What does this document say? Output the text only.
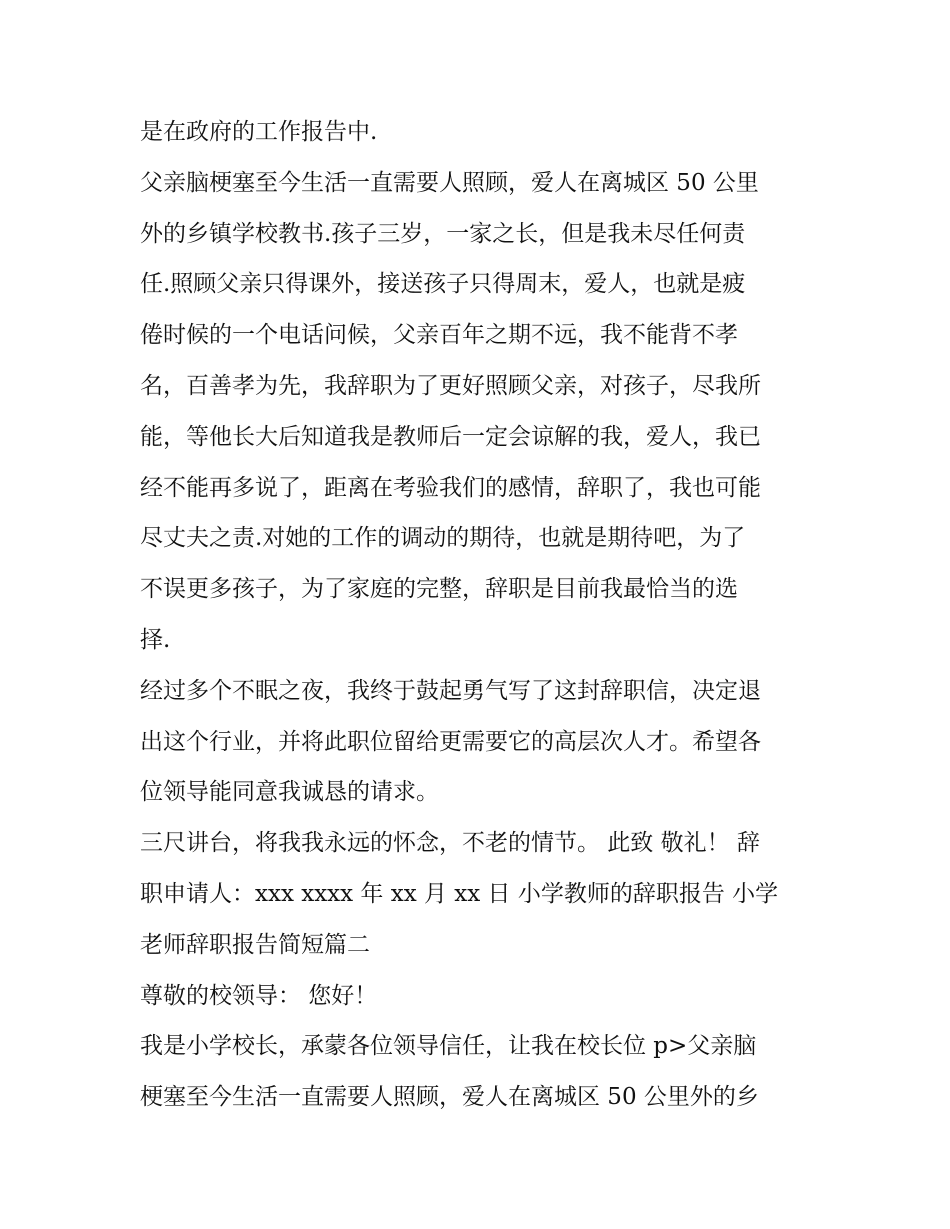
是在政府的工作报告中.
父亲脑梗塞至今生活一直需要人照顾，爱人在离城区 50 公里
外的乡镇学校教书.孩子三岁，一家之长，但是我未尽任何责
任.照顾父亲只得课外，接送孩子只得周末，爱人，也就是疲
倦时候的一个电话问候，父亲百年之期不远，我不能背不孝
名，百善孝为先，我辞职为了更好照顾父亲，对孩子，尽我所
能，等他长大后知道我是教师后一定会谅解的我，爱人，我已
经不能再多说了，距离在考验我们的感情，辞职了，我也可能
尽丈夫之责.对她的工作的调动的期待，也就是期待吧，为了
不误更多孩子，为了家庭的完整，辞职是目前我最恰当的选
择.
经过多个不眠之夜，我终于鼓起勇气写了这封辞职信，决定退
出这个行业，并将此职位留给更需要它的高层次人才。希望各
位领导能同意我诚恳的请求。
三尺讲台，将我我永远的怀念，不老的情节。 此致 敬礼！ 辞
职申请人：xxx xxxx 年 xx 月 xx 日 小学教师的辞职报告 小学
老师辞职报告简短篇二
尊敬的校领导： 您好！
我是小学校长，承蒙各位领导信任，让我在校长位 p>父亲脑
梗塞至今生活一直需要人照顾，爱人在离城区 50 公里外的乡
